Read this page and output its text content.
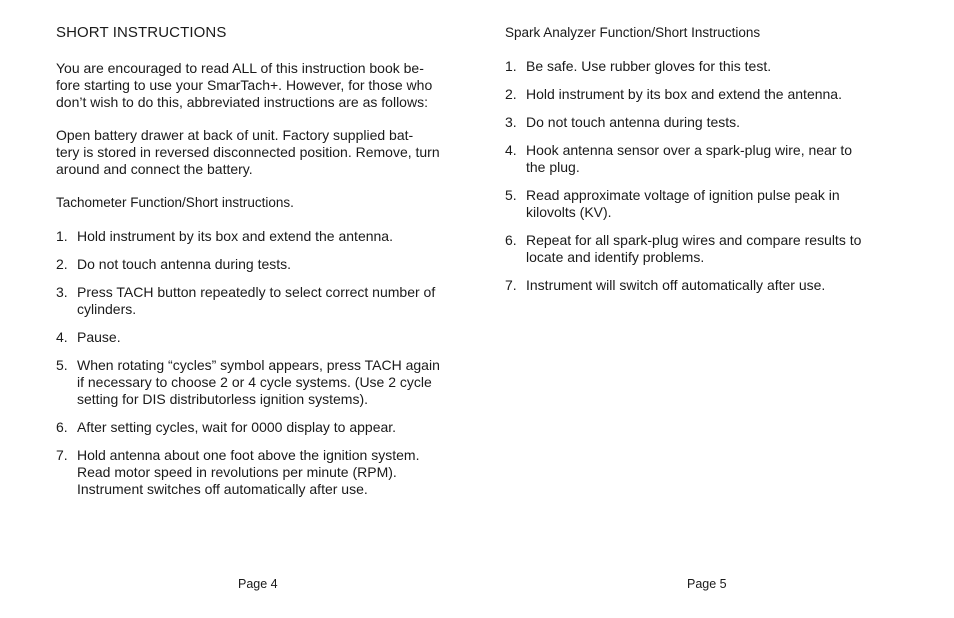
SHORT INSTRUCTIONS

You are encouraged to read ALL of this instruction book be-
fore starting to use your SmarTach+. However, for those who
don’t wish to do this, abbreviated instructions are as follows:

Open battery drawer at back of unit. Factory supplied bat-
tery is stored in reversed disconnected position. Remove, turn
around and connect the battery.

Tachometer Function/Short instructions.
1. Hold instrument by its box and extend the antenna.
2. Do not touch antenna during tests.
3. Press TACH button repeatedly to select correct number of
cylinders.
4. Pause.
5. When rotating “cycles” symbol appears, press TACH again
if necessary to choose 2 or 4 cycle systems. (Use 2 cycle
setting for DIS distributorless ignition systems).
6. After setting cycles, wait for 0000 display to appear.
7. Hold antenna about one foot above the ignition system.
Read motor speed in revolutions per minute (RPM).
Instrument switches off automatically after use.
Page 4
Spark Analyzer Function/Short Instructions
1. Be safe. Use rubber gloves for this test.
2. Hold instrument by its box and extend the antenna.
3. Do not touch antenna during tests.
4. Hook antenna sensor over a spark-plug wire, near to
the plug.
5. Read approximate voltage of ignition pulse peak in
kilovolts (KV).
6. Repeat for all spark-plug wires and compare results to
locate and identify problems.
7. Instrument will switch off automatically after use.
Page 5
